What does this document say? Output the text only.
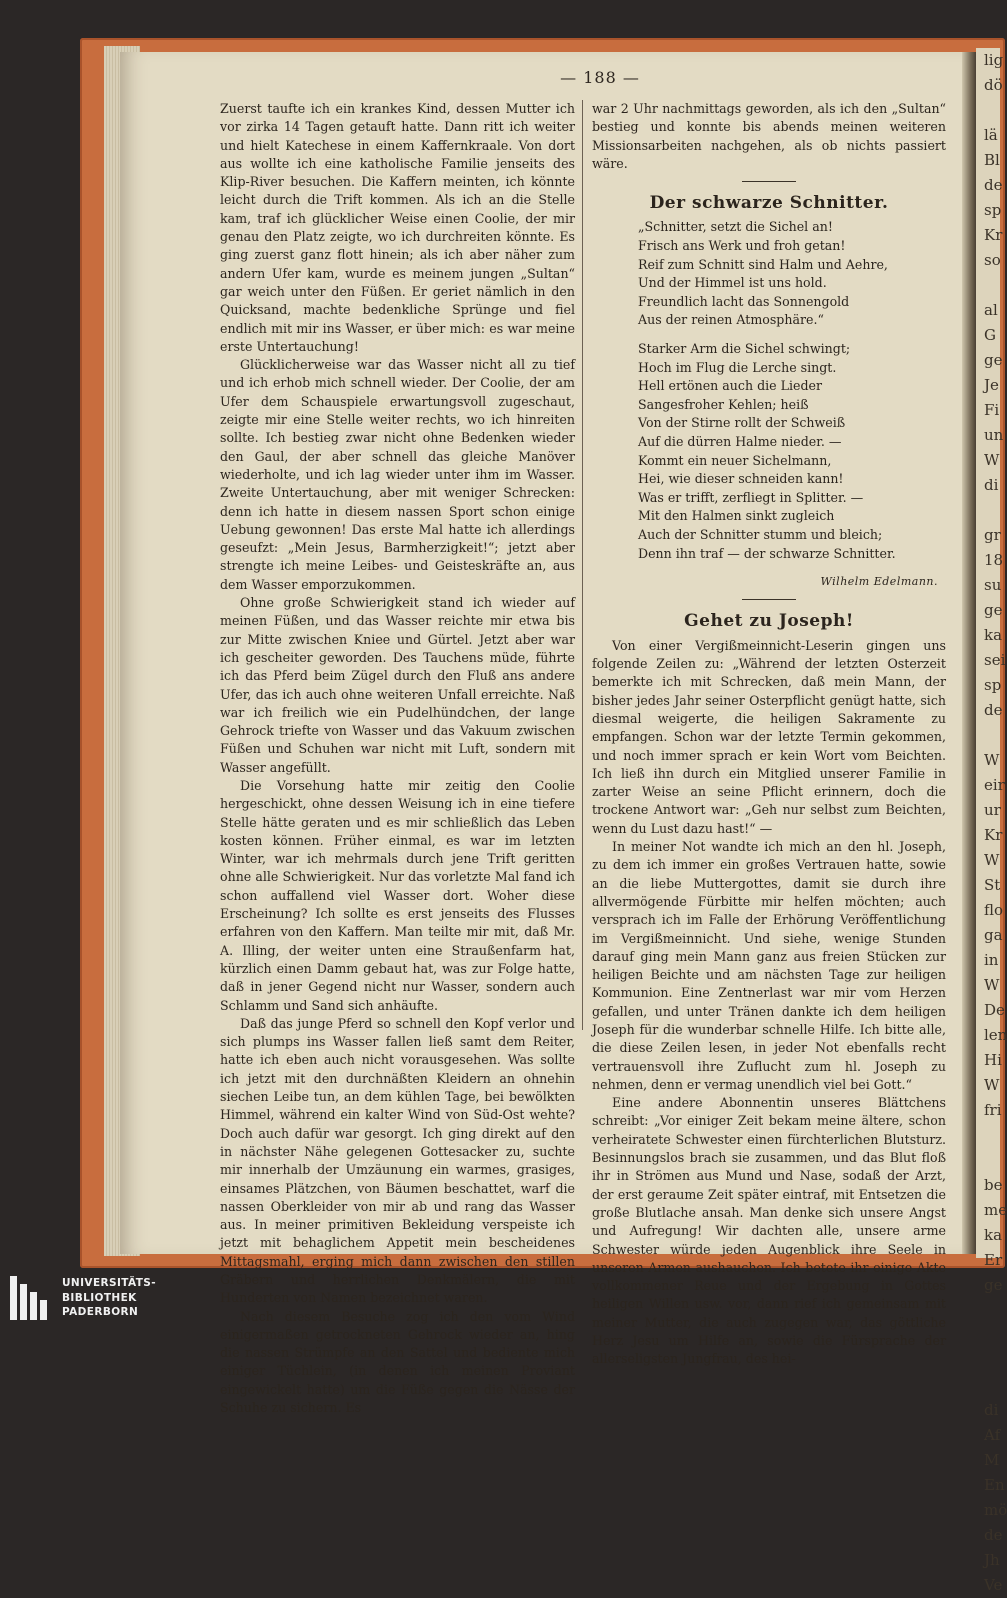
lig
dö

lä
Bl
de
sp
Kr
so

al
G
ge
Je
Fi
un
W
di

gr
18
su
ge
ka
sei
sp
de

W
eir
ur
Kr
W
St
flo
ga
in
W
De
len
Hi
W
fri

be
me
ka
Er
ge

di
Af
M
En
mö
de
Jh
Ve
— 188 —

Zuerst taufte ich ein krankes Kind, dessen Mutter ich vor zirka 14 Tagen getauft hatte. Dann ritt ich weiter und hielt Katechese in einem Kaffernkraale. Von dort aus wollte ich eine katholische Familie jenseits des Klip-River besuchen. Die Kaffern meinten, ich könnte leicht durch die Trift kommen. Als ich an die Stelle kam, traf ich glücklicher Weise einen Coolie, der mir genau den Platz zeigte, wo ich durchreiten könnte. Es ging zuerst ganz flott hinein; als ich aber näher zum andern Ufer kam, wurde es meinem jungen „Sultan“ gar weich unter den Füßen. Er geriet nämlich in den Quicksand, machte bedenkliche Sprünge und fiel endlich mit mir ins Wasser, er über mich: es war meine erste Untertauchung!

Glücklicherweise war das Wasser nicht all zu tief und ich erhob mich schnell wieder. Der Coolie, der am Ufer dem Schauspiele erwartungsvoll zugeschaut, zeigte mir eine Stelle weiter rechts, wo ich hinreiten sollte. Ich bestieg zwar nicht ohne Bedenken wieder den Gaul, der aber schnell das gleiche Manöver wiederholte, und ich lag wieder unter ihm im Wasser. Zweite Untertauchung, aber mit weniger Schrecken: denn ich hatte in diesem nassen Sport schon einige Uebung gewonnen! Das erste Mal hatte ich allerdings geseufzt: „Mein Jesus, Barmherzigkeit!“; jetzt aber strengte ich meine Leibes- und Geisteskräfte an, aus dem Wasser emporzukommen.

Ohne große Schwierigkeit stand ich wieder auf meinen Füßen, und das Wasser reichte mir etwa bis zur Mitte zwischen Kniee und Gürtel. Jetzt aber war ich gescheiter geworden. Des Tauchens müde, führte ich das Pferd beim Zügel durch den Fluß ans andere Ufer, das ich auch ohne weiteren Unfall erreichte. Naß war ich freilich wie ein Pudelhündchen, der lange Gehrock triefte von Wasser und das Vakuum zwischen Füßen und Schuhen war nicht mit Luft, sondern mit Wasser angefüllt.

Die Vorsehung hatte mir zeitig den Coolie hergeschickt, ohne dessen Weisung ich in eine tiefere Stelle hätte geraten und es mir schließlich das Leben kosten können. Früher einmal, es war im letzten Winter, war ich mehrmals durch jene Trift geritten ohne alle Schwierigkeit. Nur das vorletzte Mal fand ich schon auffallend viel Wasser dort. Woher diese Erscheinung? Ich sollte es erst jenseits des Flusses erfahren von den Kaffern. Man teilte mir mit, daß Mr. A. Illing, der weiter unten eine Straußenfarm hat, kürzlich einen Damm gebaut hat, was zur Folge hatte, daß in jener Gegend nicht nur Wasser, sondern auch Schlamm und Sand sich anhäufte.

Daß das junge Pferd so schnell den Kopf verlor und sich plumps ins Wasser fallen ließ samt dem Reiter, hatte ich eben auch nicht vorausgesehen. Was sollte ich jetzt mit den durchnäßten Kleidern an ohnehin siechen Leibe tun, an dem kühlen Tage, bei bewölkten Himmel, während ein kalter Wind von Süd-Ost wehte? Doch auch dafür war gesorgt. Ich ging direkt auf den in nächster Nähe gelegenen Gottesacker zu, suchte mir innerhalb der Umzäunung ein warmes, grasiges, einsames Plätzchen, von Bäumen beschattet, warf die nassen Oberkleider von mir ab und rang das Wasser aus. In meiner primitiven Bekleidung verspeiste ich jetzt mit behaglichem Appetit mein bescheidenes Mittagsmahl, erging mich dann zwischen den stillen Gräbern und herrlichen Denkmälern, die mit Hunderten von Namen bezeichnet waren.

Nach diesem Besuche zog ich den vom Wind einigermaßen getrockneten Gehrock wieder an, hing die nassen Strümpfe an den Sattel und bediente mich einiger Tüchlein, (in denen ich meinen Proviant eingewickelt hatte) um die Füße gegen die Nässe der Schuhe zu sichern. Es

war 2 Uhr nachmittags geworden, als ich den „Sultan“ bestieg und konnte bis abends meinen weiteren Missionsarbeiten nachgehen, als ob nichts passiert wäre.

Der schwarze Schnitter.
„Schnitter, setzt die Sichel an!
Frisch ans Werk und froh getan!
Reif zum Schnitt sind Halm und Aehre,
Und der Himmel ist uns hold.
Freundlich lacht das Sonnengold
Aus der reinen Atmosphäre.“
Starker Arm die Sichel schwingt;
Hoch im Flug die Lerche singt.
Hell ertönen auch die Lieder
Sangesfroher Kehlen; heiß
Von der Stirne rollt der Schweiß
Auf die dürren Halme nieder. —
Kommt ein neuer Sichelmann,
Hei, wie dieser schneiden kann!
Was er trifft, zerfliegt in Splitter. —
Mit den Halmen sinkt zugleich
Auch der Schnitter stumm und bleich;
Denn ihn traf — der schwarze Schnitter.
Wilhelm Edelmann.
Gehet zu Joseph!

Von einer Vergißmeinnicht-Leserin gingen uns folgende Zeilen zu: „Während der letzten Osterzeit bemerkte ich mit Schrecken, daß mein Mann, der bisher jedes Jahr seiner Osterpflicht genügt hatte, sich diesmal weigerte, die heiligen Sakramente zu empfangen. Schon war der letzte Termin gekommen, und noch immer sprach er kein Wort vom Beichten. Ich ließ ihn durch ein Mitglied unserer Familie in zarter Weise an seine Pflicht erinnern, doch die trockene Antwort war: „Geh nur selbst zum Beichten, wenn du Lust dazu hast!“ —

In meiner Not wandte ich mich an den hl. Joseph, zu dem ich immer ein großes Vertrauen hatte, sowie an die liebe Muttergottes, damit sie durch ihre allvermögende Fürbitte mir helfen möchten; auch versprach ich im Falle der Erhörung Veröffentlichung im Vergißmeinnicht. Und siehe, wenige Stunden darauf ging mein Mann ganz aus freien Stücken zur heiligen Beichte und am nächsten Tage zur heiligen Kommunion. Eine Zentnerlast war mir vom Herzen gefallen, und unter Tränen dankte ich dem heiligen Joseph für die wunderbar schnelle Hilfe. Ich bitte alle, die diese Zeilen lesen, in jeder Not ebenfalls recht vertrauensvoll ihre Zuflucht zum hl. Joseph zu nehmen, denn er vermag unendlich viel bei Gott.“

Eine andere Abonnentin unseres Blättchens schreibt: „Vor einiger Zeit bekam meine ältere, schon verheiratete Schwester einen fürchterlichen Blutsturz. Besinnungslos brach sie zusammen, und das Blut floß ihr in Strömen aus Mund und Nase, sodaß der Arzt, der erst geraume Zeit später eintraf, mit Entsetzen die große Blutlache ansah. Man denke sich unsere Angst und Aufregung! Wir dachten alle, unsere arme Schwester würde jeden Augenblick ihre Seele in unseren Armen aushauchen. Ich betete ihr einige Akte vollkommener Reue und der Ergebung in Gottes heiligen Willen usw. vor, dann rief ich gemeinsam mit meiner Mutter, die auch zugegen war, das göttliche Herz Jesu um Hilfe an, sowie die Fürsprache der allerseligsten Jungfrau, des hei-

UNIVERSITÄTS-
BIBLIOTHEK
PADERBORN
